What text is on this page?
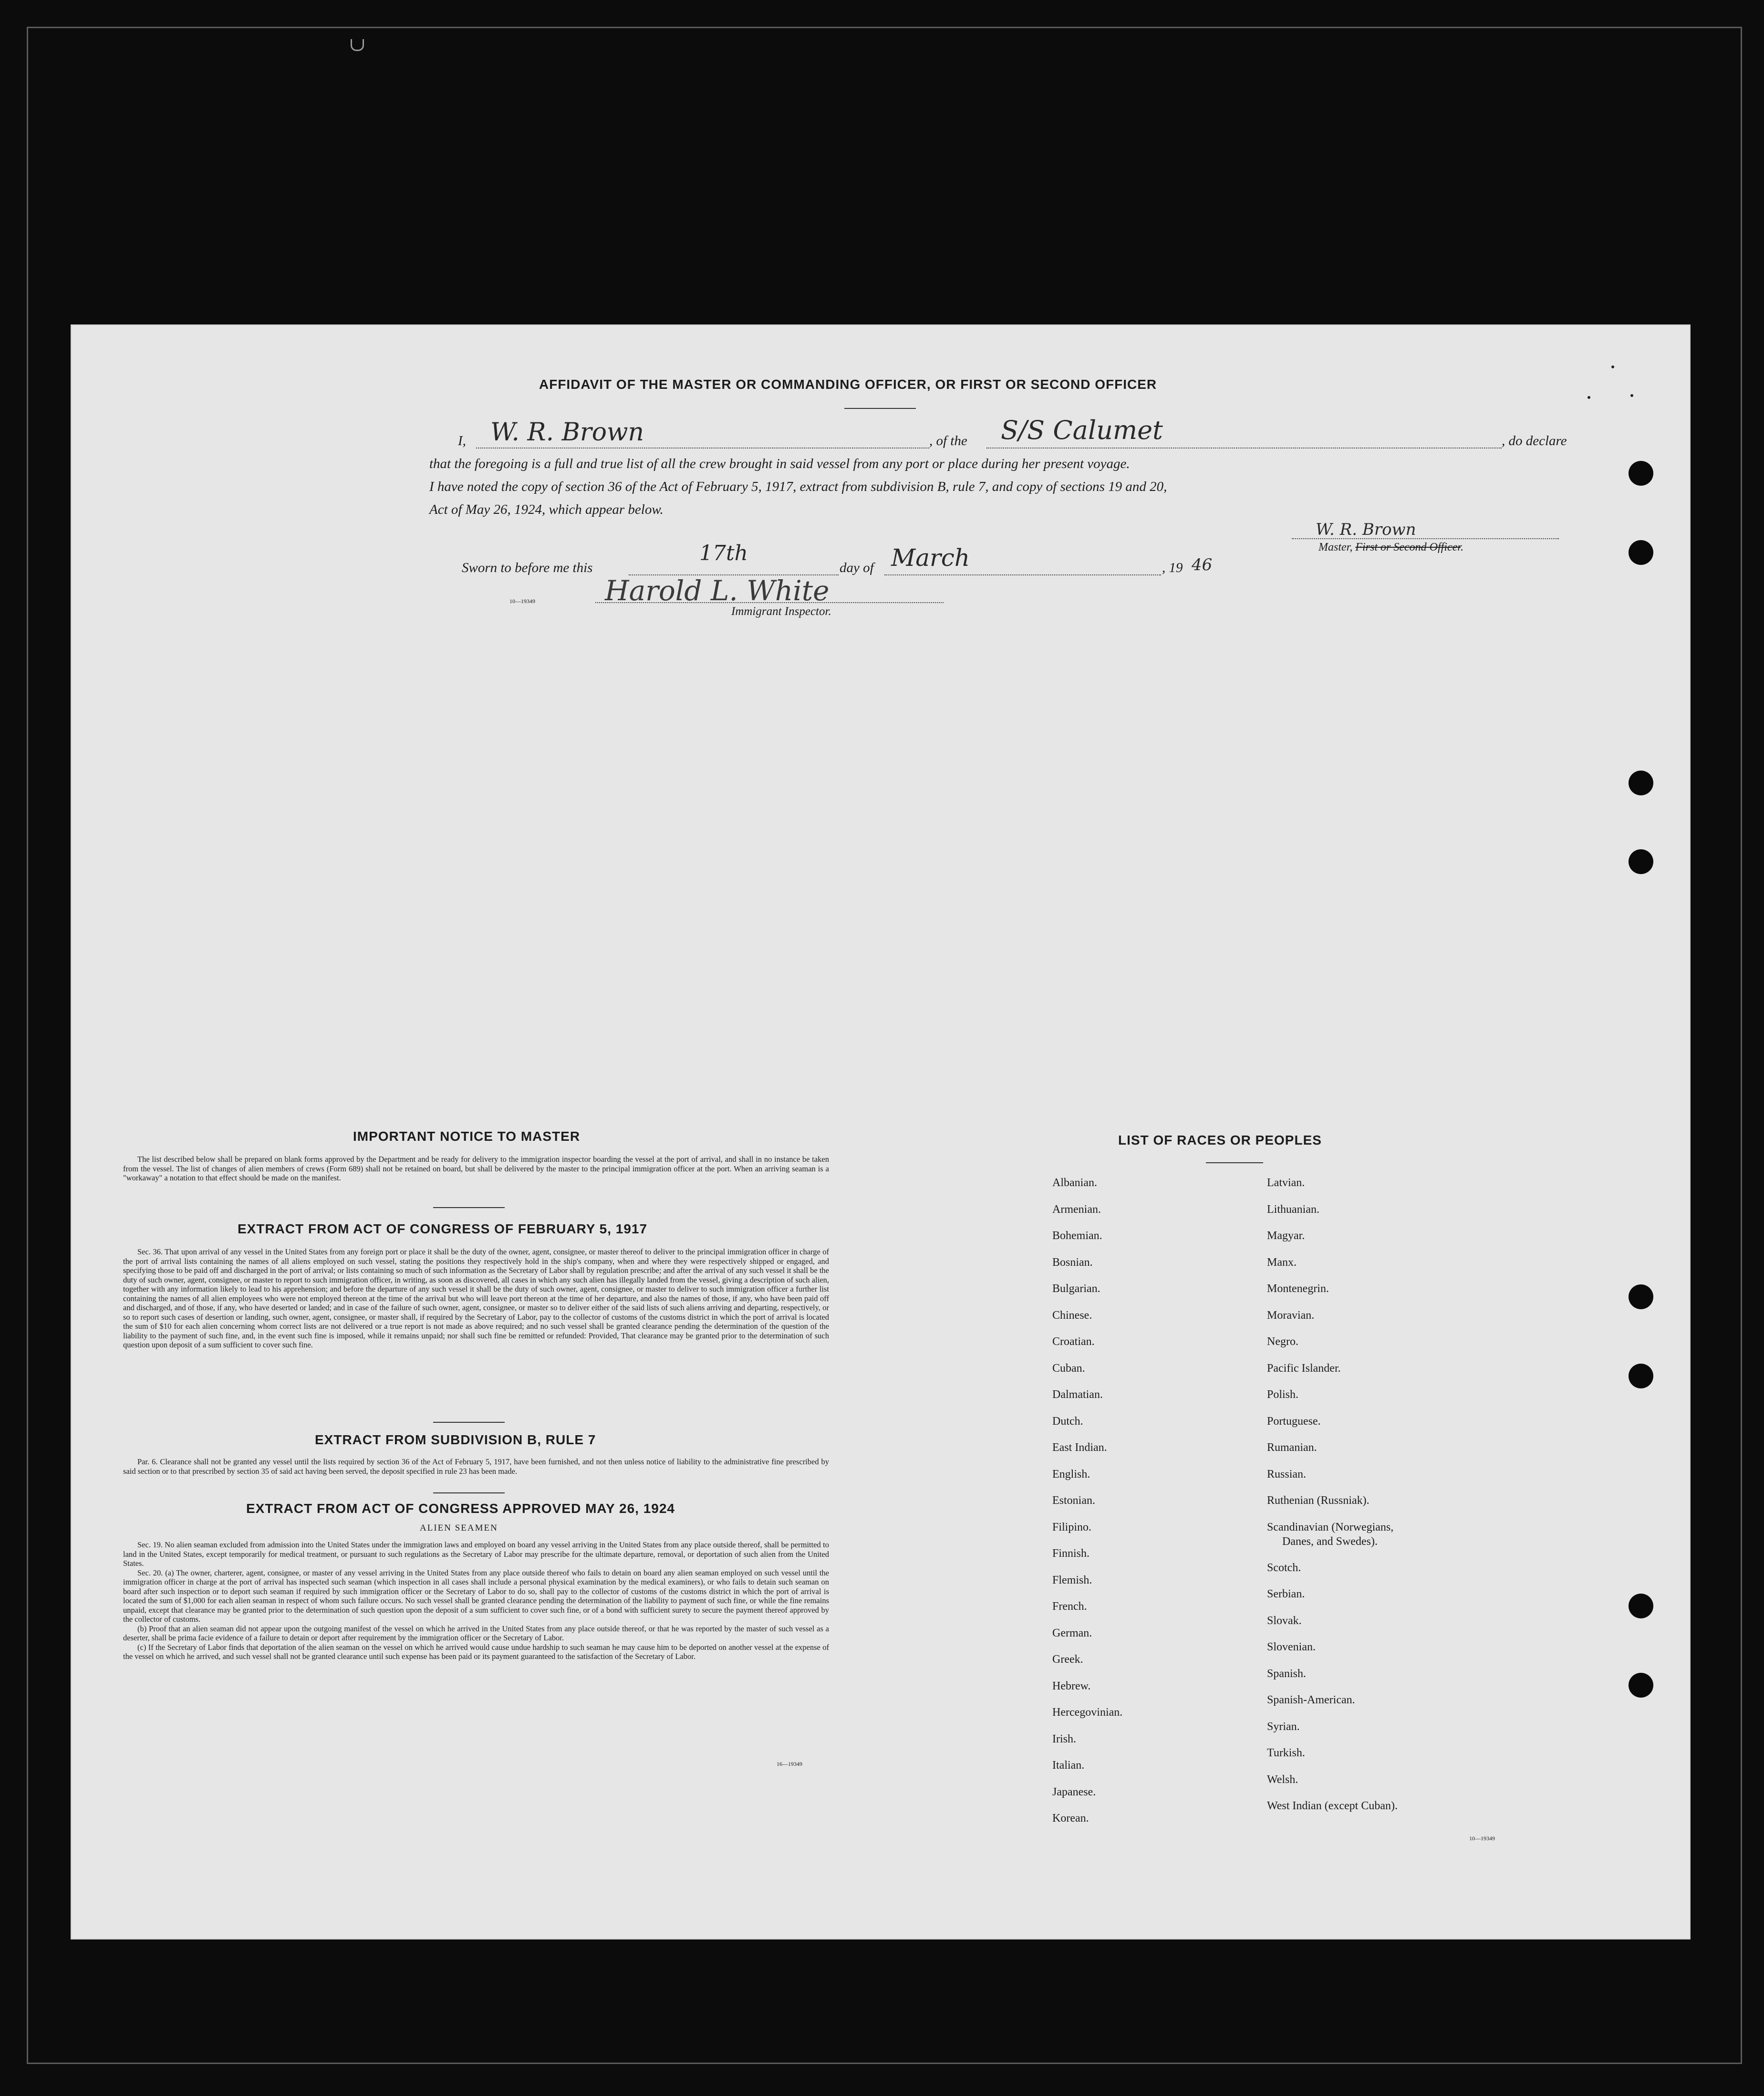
AFFIDAVIT OF THE MASTER OR COMMANDING OFFICER, OR FIRST OR SECOND OFFICER
I, W. R. Brown	, of the S/S Calumet	, do declare
that the foregoing is a full and true list of all the crew brought in said vessel from any port or place during her present voyage.
I have noted the copy of section 36 of the Act of February 5, 1917, extract from subdivision B, rule 7, and copy of sections 19 and 20,
Act of May 26, 1924, which appear below.
W. R. Brown
Master, First or Second Officer.
Sworn to before me this
17th
day of March	, 19 46
Harold L. White
10—19349
Immigrant Inspector.
IMPORTANT NOTICE TO MASTER

The list described below shall be prepared on blank forms approved by the Department and be ready for delivery to the immigration inspector boarding the vessel at the port of arrival, and shall in no instance be taken from the vessel. The list of changes of alien members of crews (Form 689) shall not be retained on board, but shall be delivered by the master to the principal immigration officer at the port. When an arriving seaman is a "workaway" a notation to that effect should be made on the manifest.

EXTRACT FROM ACT OF CONGRESS OF FEBRUARY 5, 1917

Sec. 36. That upon arrival of any vessel in the United States from any foreign port or place it shall be the duty of the owner, agent, consignee, or master thereof to deliver to the principal immigration officer in charge of the port of arrival lists containing the names of all aliens employed on such vessel, stating the positions they respectively hold in the ship's company, when and where they were respectively shipped or engaged, and specifying those to be paid off and discharged in the port of arrival; or lists containing so much of such information as the Secretary of Labor shall by regulation prescribe; and after the arrival of any such vessel it shall be the duty of such owner, agent, consignee, or master to report to such immigration officer, in writing, as soon as discovered, all cases in which any such alien has illegally landed from the vessel, giving a description of such alien, together with any information likely to lead to his apprehension; and before the departure of any such vessel it shall be the duty of such owner, agent, consignee, or master to deliver to such immigration officer a further list containing the names of all alien employees who were not employed thereon at the time of the arrival but who will leave port thereon at the time of her departure, and also the names of those, if any, who have been paid off and discharged, and of those, if any, who have deserted or landed; and in case of the failure of such owner, agent, consignee, or master so to deliver either of the said lists of such aliens arriving and departing, respectively, or so to report such cases of desertion or landing, such owner, agent, consignee, or master shall, if required by the Secretary of Labor, pay to the collector of customs of the customs district in which the port of arrival is located the sum of $10 for each alien concerning whom correct lists are not delivered or a true report is not made as above required; and no such vessel shall be granted clearance pending the determination of the question of the liability to the payment of such fine, and, in the event such fine is imposed, while it remains unpaid; nor shall such fine be remitted or refunded: Provided, That clearance may be granted prior to the determination of such question upon deposit of a sum sufficient to cover such fine.

EXTRACT FROM SUBDIVISION B, RULE 7

Par. 6. Clearance shall not be granted any vessel until the lists required by section 36 of the Act of February 5, 1917, have been furnished, and not then unless notice of liability to the administrative fine prescribed by said section or to that prescribed by section 35 of said act having been served, the deposit specified in rule 23 has been made.

EXTRACT FROM ACT OF CONGRESS APPROVED MAY 26, 1924
ALIEN SEAMEN

Sec. 19. No alien seaman excluded from admission into the United States under the immigration laws and employed on board any vessel arriving in the United States from any place outside thereof, shall be permitted to land in the United States, except temporarily for medical treatment, or pursuant to such regulations as the Secretary of Labor may prescribe for the ultimate departure, removal, or deportation of such alien from the United States.

Sec. 20. (a) The owner, charterer, agent, consignee, or master of any vessel arriving in the United States from any place outside thereof who fails to detain on board any alien seaman employed on such vessel until the immigration officer in charge at the port of arrival has inspected such seaman (which inspection in all cases shall include a personal physical examination by the medical examiners), or who fails to detain such seaman on board after such inspection or to deport such seaman if required by such immigration officer or the Secretary of Labor to do so, shall pay to the collector of customs of the customs district in which the port of arrival is located the sum of $1,000 for each alien seaman in respect of whom such failure occurs. No such vessel shall be granted clearance pending the determination of the liability to payment of such fine, or while the fine remains unpaid, except that clearance may be granted prior to the determination of such question upon the deposit of a sum sufficient to cover such fine, or of a bond with sufficient surety to secure the payment thereof approved by the collector of customs.

(b) Proof that an alien seaman did not appear upon the outgoing manifest of the vessel on which he arrived in the United States from any place outside thereof, or that he was reported by the master of such vessel as a deserter, shall be prima facie evidence of a failure to detain or deport after requirement by the immigration officer or the Secretary of Labor.

(c) If the Secretary of Labor finds that deportation of the alien seaman on the vessel on which he arrived would cause undue hardship to such seaman he may cause him to be deported on another vessel at the expense of the vessel on which he arrived, and such vessel shall not be granted clearance until such expense has been paid or its payment guaranteed to the satisfaction of the Secretary of Labor.

16—19349
LIST OF RACES OR PEOPLES
Albanian.
Armenian.
Bohemian.
Bosnian.
Bulgarian.
Chinese.
Croatian.
Cuban.
Dalmatian.
Dutch.
East Indian.
English.
Estonian.
Filipino.
Finnish.
Flemish.
French.
German.
Greek.
Hebrew.
Hercegovinian.
Irish.
Italian.
Japanese.
Korean.
Latvian.
Lithuanian.
Magyar.
Manx.
Montenegrin.
Moravian.
Negro.
Pacific Islander.
Polish.
Portuguese.
Rumanian.
Russian.
Ruthenian (Russniak).
Scandinavian (Norwegians,
Danes, and Swedes).
Scotch.
Serbian.
Slovak.
Slovenian.
Spanish.
Spanish-American.
Syrian.
Turkish.
Welsh.
West Indian (except Cuban).
10—19349
